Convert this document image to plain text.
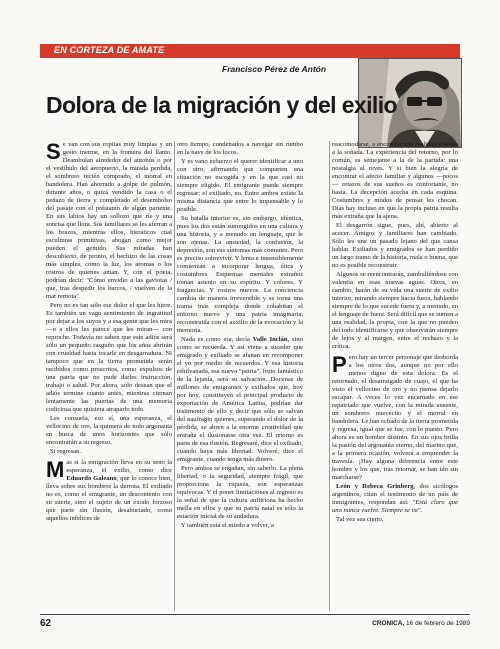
EN CORTEZA DE AMATE
Francisco Pérez de Antón
Dolora de la migración y del exilio

Se van con sus ropitas muy limpias y un gesto inerme, en la frontera del llanto. Deambulan alrededor del autobús o por el vestíbulo del aeropuerto, la mirada perdida, el sombrero recién comprado, el morral en bandolera. Han ahorrado a golpe de pulmón, durante años, o quizá vendido la casa o el pedazo de tierra y completado el desembolso del pasaje con el préstamo de algún pariente. En sus labios hay un sollozo que ríe y una sonrisa que llora. Sus familiares se les aferran a los brazos, mientras ellos, hieráticos cual esculturas primitivas, ahogan como mejor pueden el gemido. Sus miradas han descubierto, de pronto, el hechizo de las cosas más simples, como la luz, los aromas o los rostros de quienes aman. Y, con el poeta, podrían decir: "Cómo envidio a las gaviotas / que, tras despedir los barcos, / vuelven de la mar remota".

Pero no es tan sólo ese dolor el que les hiere. Es también un vago sentimiento de ingratitud por dejar a los suyos y a esa gente que les mira —o a ellos les parece que les miran— con reproche. Todavía no saben que este adiós será sólo un pequeño rasguño que los años abrirán con crueldad hasta tocarle en desgarradura. Ni tampoco que en la tierra prometida serán recibidos como proscritos, como expulsos de una patria que no pude darles instrucción, trabajo o salud. Por ahora, sólo desean que el adiós termine cuanto antes, mientras ciernan lentamente las puertas de una memoria codiciosa que quisiera atraparlo todo.

Les consuela, eso sí, una esperanza, el vellocino de oro, la quimera de todo argonauta en busca de unos horizontes que sólo encontrarán a su regreso.

Si regresan.

Mas si la emigración lleva en su seno la esperanza, el exilio, como dice Eduardo Galeano, que lo conoce bien, lleva sobre sus hombros la derrota. El exiliado no es, como el emigrante, un descontento con su suerte, sino el sujeto de un éxodo forzoso que parte sin ilusión, desahuciado, como aquellos infelices de

otro tiempo, condenados a navegar sin rumbo en la nave de los locos.

Y es vano esfuerzo el querer identificar a uno con otro, afirmando que comparten una situación no escogida y en la que casi no siempre eligido. El emigrante puede siempre regresar; el exiliado, no. Entre ambos existe la misma distancia que entre lo impensable y lo posible.

Su batalla interior es, sin embargo, idéntica, pues los dos están sumergidos en una cultura y una historia, y a menudo un lenguaje, que le son ajenas. La ansiedad, la confusión, la depresión, son sus síntomas más comunes. Pero es preciso sobrevivir. Y lenta e insensiblemente comienzan a incorporar lengua, ética y costumbres. Esquemas mentales extraños toman asiento en su espíritu. Y colores. Y fragancias. Y rostros nuevos. La conciencia cambia de manera irreversible y se torna una trama más compleja donde cohabitan el entorno nuevo y una patria imaginaria, reconstruida con el auxilio de la evocación y la memoria.

Nada es como era, decía Valle Inclán, sino como se recuerda. Y así viene a suceder que emigrado y exiliado se afanan en recomponer el yo por medio de recuerdos. Y esa historia rehilvanada, esa nueva "patria", fruto fantástico de la lejanía, será su salvación. Docenas de millones de emigrantes y exiliados que, hoy por hoy, constituyen el principal producto de exportación de América Latina, podrían dar testimonio de ello y decir que sólo se salvan del naufragio quienes, superando el dolor de la pérdida, se abren a la enorme creatividad que entraña el ilusionarse otra vez. El retorno es parte de esa ilusión. Regresaré, dice el exiliado, cuando haya más libertad. Volveré, dice el emigrante, cuando tenga más dinero.

Pero ambos se engañan, sin saberlo. La plena libertad, o la seguridad, siempre frágil, que proporciona la riqueza, son esperanzas equívocas. Y el poner limitaciones al regreso es la señal de que la cultura anfitriona ha hecho mella en ellos y que su patria natal es sólo la estación inicial de su andadura.

Y también está el miedo a volver, a

reacomodarse, a encontrar una realidad distinta a la soñada. La experiencia del retorno, por lo común, es semejante a la de la partida: una nostalgia al revés. Y si bien la alegría de encontrar el afecto familiar y algunos —pocos— retazos de sus sueños es confortante, no basta. La decepción acecha en cada esquina. Costumbres y modos de pensar les chocan. Días hay incluso en que la propia patria resulta más extraña que la ajena.

El desgarrón sigue, pues, ahí, abierto al acecer. Amigos y familiares han cambiado. Sólo les une un pasado lejano del que cansa hablar. Exiliados y emigrados se han perdido un largo tramo de la historia, mala o buena, que no es posible reconstruir.

Algunos se reencontrarán, zambulléndose con valentía en esas nuevas aguas. Otros, en cambio, harán de su vida una suerte de exilio interior, mirando siempre hacia fuera, hablando siempre de lo que sucede fuera y, a menudo, en el lenguaje de fuera. Será difícil que se sumen a una realidad, la propia, con la que no pueden del todo identificarse y que observarán siempre de lejos y al margen, entre el rechazo y la crítica.

Pero hay un tercer personaje que desborda a los otros dos, aunque no por ello menos digno de esta dolora. Es el retornado, el desarraigado de cuajo, el que ha visto el vellocino de oro y no piensa dejarlo escapar. A veces lo vez encarnado en ese repatriado que vuelve, con la mirada ausente, un sombrero nuevecito y el morral en bandolera. Le han echado de la tierra prometida y regresa, igual que se fue, con lo puesto. Pero ahora es un hombre distinto. En sus ojos brilla la pasión del argonauta eterno, del marino que, a la primera ocasión, volverá a emprender la travesía. ¡Hay alguna diferencia entre este hombre y los que, tras retornar, se han ido sin marcharse?

León y Rebeca Grinberg, dos sicólogos argentinos, citan el testimonio de un país de inmigrantes, respondan así: "Está claro que uno nunca vuelve. Siempre se va".

Tal vez sea cierto.

62	CRONICA, 16 de febrero de 1989
